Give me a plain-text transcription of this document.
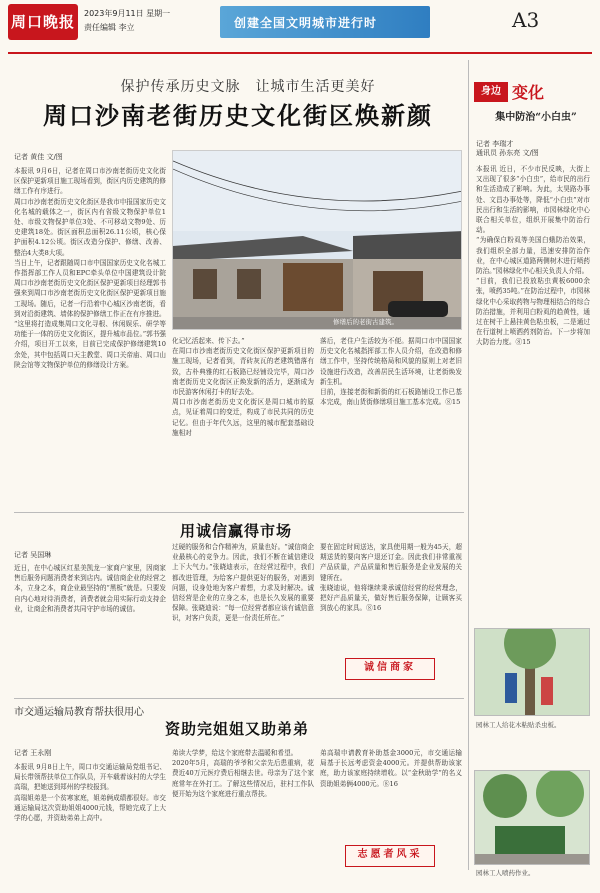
周口晚报	2023年9月11日 星期一
责任编辑 李立	创建全国文明城市进行时	A3
保护传承历史文脉　让城市生活更美好
周口沙南老街历史文化街区焕新颜
记者 黄佳 文/图
本报讯 9月6日，记者在周口市沙南老街历史文化街区保护更新项目施工现场看到，街区内历史建筑的修缮工作有序进行。
周口市沙南老街历史文化街区是我市申报国家历史文化名城的载体之一，街区内有省级文物保护单位1处、市级文物保护单位3处、不可移动文物9处、历史建筑18处。街区面积总面积26.11公顷，核心保护面积4.12公顷。街区改造分保护、修缮、改善、整治4大类8大项。
当日上午，记者跟随周口市中国国家历史文化名城工作指挥部工作人员和EPC牵头单位中国建筑设计院周口市沙南老街历史文化街区保护更新项目经理郭书强来到周口市沙南老街历史文化街区保护更新项目施工现场。随后，记者一行沿着中心城区沙南老街，看到对沿街建筑、墙体的保护修缮工作正在有序推进。
“这里将打造成集周口文化寻根、休闲娱乐、研学等功能于一体的历史文化街区，提升城市品位。”郭书强介绍，项目开工以来，目前已完成保护修缮建筑10余处，其中包括周口天主教堂、周口关帝庙、周口山陕会馆等文物保护单位的修缮设计方案。
修缮后的老街古建筑。
化记忆活起来、传下去。”
在周口市沙南老街历史文化街区保护更新项目的施工现场，记者看到，青砖灰瓦的老建筑错落有致，古朴典雅的红石板路已经铺设完毕，周口沙南老街历史文化街区正焕发新的活力，逐渐成为市民游客休闲打卡的好去处。
周口市沙南老街历史文化街区是周口城市的原点，见证着周口的变迁，构成了市民共同的历史记忆。但由于年代久远，这里的城市配套基础设施相对
落后，老住户生活较为不便。据周口市中国国家历史文化名城指挥部工作人员介绍，在改造和修缮工作中，坚持传统格局和风貌的原则上对老旧设施进行改造，改善居民生活环境，让老街焕发新生机。
目前，连接老街和新街的红石板路铺设工作已基本完成，南山货街修缮项目施工基本完成。⑧15
用诚信赢得市场
记者 吴国琳
近日，在中心城区红星美凯龙一家商户家里，因商家售后服务问题消费者来到店内。诚信商企业的经营之本，立身之本，商企业最坚持的“黑板”就是。只要发自内心地对待消费者，消费者就会用实际行动支持企业，让商企和消费者共同守护市场的诚信。
过硬的服务和合作精神为，质量也好。“诚信商企业最核心的竞争力。因此，我们不断在诚信建设上下大气力。”张晓迪表示，在经营过程中，我们都改进管理，为给客户提供更好的服务，对遇到问题，设身处地为客户着想，力求及时解决。诚信经营是企业的立身之本，也是长久发展的重要保障。张晓迪说：“每一位经营者都应该有诚信意识，对客户负责，更是一份责任所在。”
要在固定时间送达，家具使用期一般为45天，超期送货的要向客户退还订金。因此我们非常重视产品质量，产品质量和售后服务是企业发展的关键所在。
张晓迪说，他将继续秉承诚信经营的经营理念，把好产品质量关，做好售后服务保障，让顾客买到放心的家具。⑧16
诚信商家
市交通运输局教育帮扶很用心
资助完姐姐又助弟弟
记者 王永刚
本报讯 9月8日上午，周口市交通运输局党组书记、局长带领帮扶单位工作队员，开车载着该村的大学生高瑞，把她送到郑州的学校报到。
高瑞姐弟是一个贫寒家庭，姐弟俩成绩都很好。市交通运输局这次资助姐姐4000元钱，帮她完成了上大学的心愿，并资助弟弟上高中。
弟读大学梦，给这个家庭带去温暖和希望。
2020年5月，高瑞的爷爷和父亲先后患重病，花费近40万元医疗费后相继去世。母亲为了这个家庭常年在外打工。了解这些情况后，驻村工作队便开始为这个家庭进行重点帮扶。
弟高瑞申请教育补助基金3000元，市交通运输局基于长远考虑资金4000元。并提供帮助该家庭，助力该家庭持续增收。以“金秋助学”的名义资助姐弟俩4000元。⑧16
志愿者风采
身边 变化
集中防治“小白虫”
记者 李瑞才
通讯员 孙东亮 文/图
本报讯 近日，不少市民反映，大街上又出现了很多“小白虫”，给市民的出行和生活造成了影响。为此，太昊路办事处、文昌办事处等，降低“小白虫”对市民出行和生活的影响，市园林绿化中心联合相关单位，组织开展集中防治行动。
“为确保白粉虱等美国白蛾防治效果，我们组织全部力量，迅速安排防治作业，在中心城区道路两侧树木进行喷药防治。”园林绿化中心相关负责人介绍。
“目前，我们已投放粘虫黄板6000余张，喷药35吨。”在防治过程中，市园林绿化中心采取药物与物理相结合的综合防治措施，并利用白粉虱的趋黄性，通过在树干上悬挂黄色粘虫板，二是通过在行道树上喷洒药剂防治。下一步将加大防治力度。⑧15
园林工人给花木粘贴杀虫板。
园林工人喷药作业。
